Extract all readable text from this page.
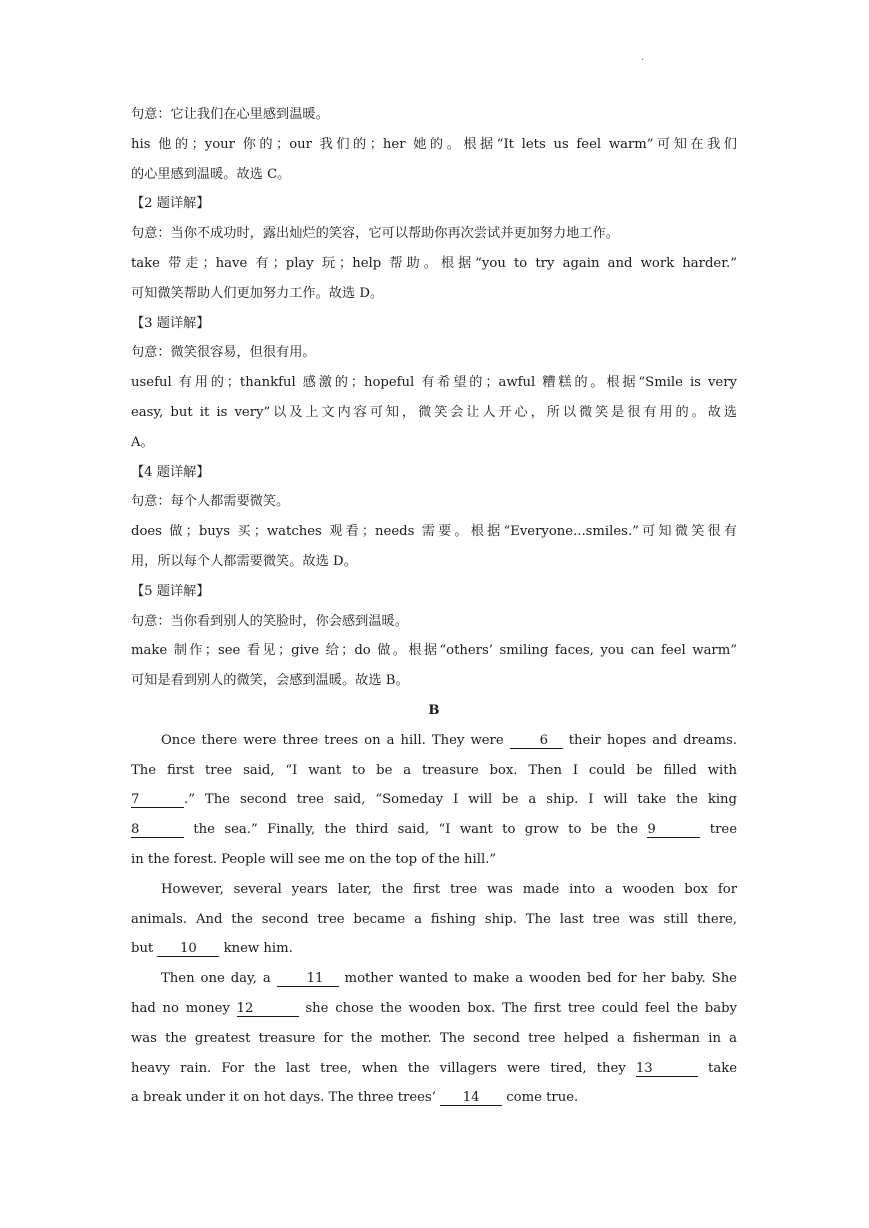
.
句意：它让我们在心里感到温暖。
his 他的；your 你的；our 我们的；her 她的。根据“It lets us feel warm”可知在我们
的心里感到温暖。故选 C。
【2 题详解】
句意：当你不成功时，露出灿烂的笑容，它可以帮助你再次尝试并更加努力地工作。
take 带走；have 有；play 玩；help 帮助。根据“you to try again and work harder.”
可知微笑帮助人们更加努力工作。故选 D。
【3 题详解】
句意：微笑很容易，但很有用。
useful 有用的；thankful 感激的；hopeful 有希望的；awful 糟糕的。根据“Smile is very
easy, but it is very”以及上文内容可知，微笑会让人开心，所以微笑是很有用的。故选
A。
【4 题详解】
句意：每个人都需要微笑。
does 做；buys 买；watches 观看；needs 需要。根据“Everyone...smiles.”可知微笑很有
用，所以每个人都需要微笑。故选 D。
【5 题详解】
句意：当你看到别人的笑脸时，你会感到温暖。
make 制作；see 看见；give 给；do 做。根据“others’ smiling faces, you can feel warm”
可知是看到别人的微笑，会感到温暖。故选 B。
B
Once there were three trees on a hill. They were 6 their hopes and dreams.
The first tree said, “I want to be a treasure box. Then I could be filled with
7	.” The second tree said, “Someday I will be a ship. I will take the king
8	the sea.” Finally, the third said, “I want to grow to be the 9	tree
in the forest. People will see me on the top of the hill.”
However, several years later, the first tree was made into a wooden box for
animals. And the second tree became a fishing ship. The last tree was still there,
but 10 knew him.
Then one day, a 11 mother wanted to make a wooden bed for her baby. She
had no money 12	she chose the wooden box. The first tree could feel the baby
was the greatest treasure for the mother. The second tree helped a fisherman in a
heavy rain. For the last tree, when the villagers were tired, they 13	take
a break under it on hot days. The three trees’ 14 come true.
